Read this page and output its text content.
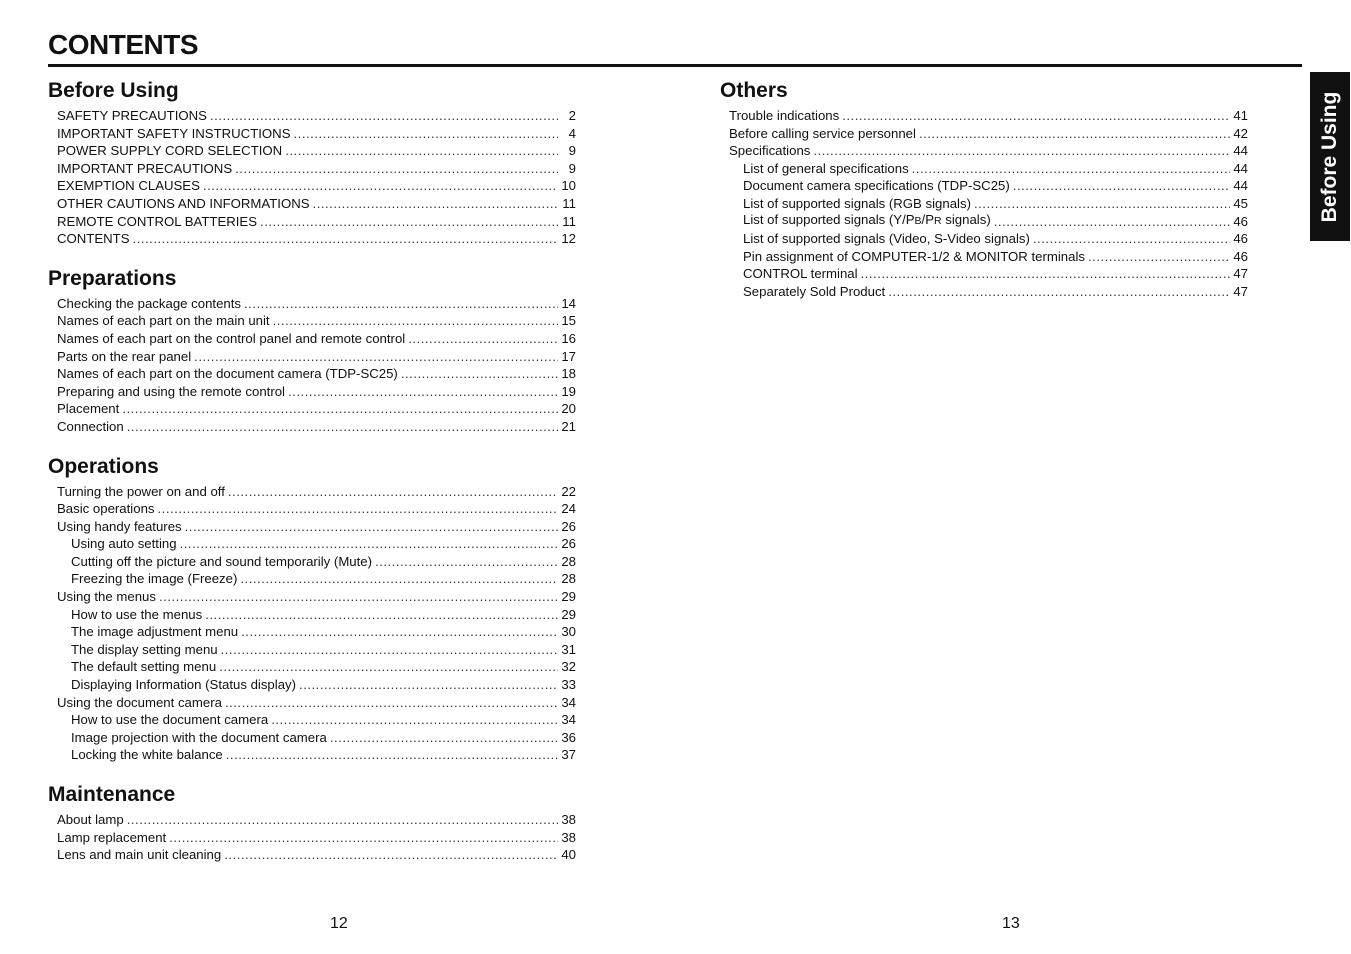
CONTENTS
Before Using
SAFETY PRECAUTIONS .....	2
IMPORTANT SAFETY INSTRUCTIONS .....	4
POWER SUPPLY CORD SELECTION .....	9
IMPORTANT PRECAUTIONS .....	9
EXEMPTION CLAUSES .....	10
OTHER CAUTIONS AND INFORMATIONS .....	11
REMOTE CONTROL BATTERIES .....	11
CONTENTS .....	12
Preparations
Checking the package contents .....	14
Names of each part on the main unit .....	15
Names of each part on the control panel and remote control .....	16
Parts on the rear panel .....	17
Names of each part on the document camera (TDP-SC25) .....	18
Preparing and using the remote control .....	19
Placement .....	20
Connection .....	21
Operations
Turning the power on and off .....	22
Basic operations .....	24
Using handy features .....	26
Using auto setting .....	26
Cutting off the picture and sound temporarily (Mute) .....	28
Freezing the image (Freeze) .....	28
Using the menus .....	29
How to use the menus .....	29
The image adjustment menu .....	30
The display setting menu .....	31
The default setting menu .....	32
Displaying Information (Status display) .....	33
Using the document camera .....	34
How to use the document camera .....	34
Image projection with the document camera .....	36
Locking the white balance .....	37
Maintenance
About lamp .....	38
Lamp replacement .....	38
Lens and main unit cleaning .....	40
Others
Trouble indications .....	41
Before calling service personnel .....	42
Specifications .....	44
List of general specifications .....	44
Document camera specifications (TDP-SC25) .....	44
List of supported signals (RGB signals) .....	45
List of supported signals (Y/PB/PR signals) .....	46
List of supported signals (Video, S-Video signals) .....	46
Pin assignment of COMPUTER-1/2 & MONITOR terminals .....	46
CONTROL terminal .....	47
Separately Sold Product .....	47
Before Using
12	13
